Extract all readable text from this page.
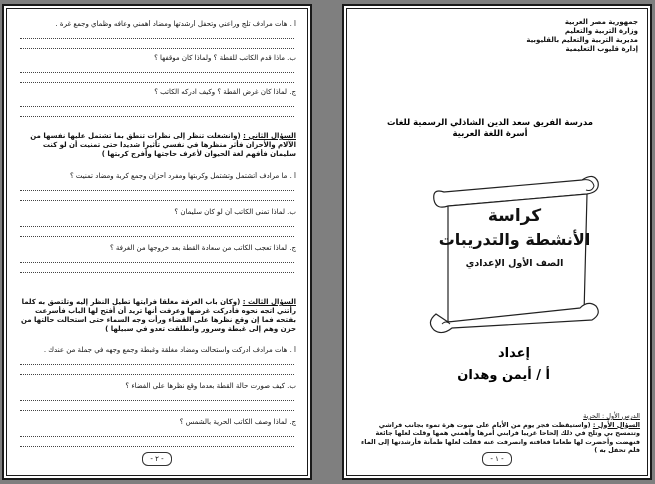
أ . هات مرادف تلج وراعني وتحفل أرشدتها ومضاد أهمني وعافه وظمأي وجمع غرة .
ب. ماذا قدم الكاتب للقطة ؟ ولماذا كان موقفها ؟
ج. لماذا كان غرض القطة ؟ وكيف ادركه الكاتب ؟
السؤال الثاني : (وانشغلت تنظر إلى نظرات تنطق بما تشتمل عليها نفسها من الآلام والأحزان فأثر منظرها في نفسي تأثيرا شديدا حتى تمنيت أن لو كنت سليمان فأفهم لغة الحيوان لأعرف حاجتها وأفرج كربتها )
أ . ما مرادف أتشتمل وتشتمل وكربتها ومفرد أحزان وجمع كربة ومضاد تمنيت ؟
ب. لماذا تمنى الكاتب أن لو كان سليمان ؟
ج. لماذا تعجب الكاتب من سعادة القطة بعد خروجها من الغرفة ؟
السؤال الثالث : (وكان باب الغرفة مغلقا فرأيتها تطيل النظر إليه وتلتصق به كلما رأتني اتجه نحوه فأدركت غرضها وعرفت أنها تريد أن أفتح لها الباب فأسرعت بفتحه فما إن وقع نظرها على الفضاء ورأت وجه السماء حتى استحالت حالتها من حزن وهم إلى غبطة وسرور وانطلقت تعدو في سبيلها )
أ . هات مرادف أدركت واستحالت ومضاد مغلقة وغبطة وجمع وجهه في جملة من عندك .
ب. كيف صورت حالة القطة بعدما وقع نظرها على الفضاء ؟
ج. لماذا وصف الكاتب الحرية بالشمس ؟
- ٢ -
جمهورية مصر العربية
وزارة التربية والتعليم
مديرية التربية والتعليم بالقليوبية
إدارة قليوب التعليمية
مدرسة الفريق سعد الدين الشاذلي الرسمية للغات
أسرة اللغة العربية
كراسة
الأنشطة والتدريبات
الصف الأول الإعدادي
إعداد
أ / أيمن وهدان
الدرس الأول : الحرية
السؤال الأول : (واستيقظت فجر يوم من الأيام على صوت هرة تموء بجانب فراشي وتتمسح بي وتلح في ذلك إلحاحا غريبا فرابني أمرها وأهمني همها وقلت لعلها جائعة فنهضت وأحضرت لها طعاما فعافته وانصرفت عنه فقلت لعلها ظمآنة فأرشدتها إلى الماء فلم تحفل به )
- ١ -
